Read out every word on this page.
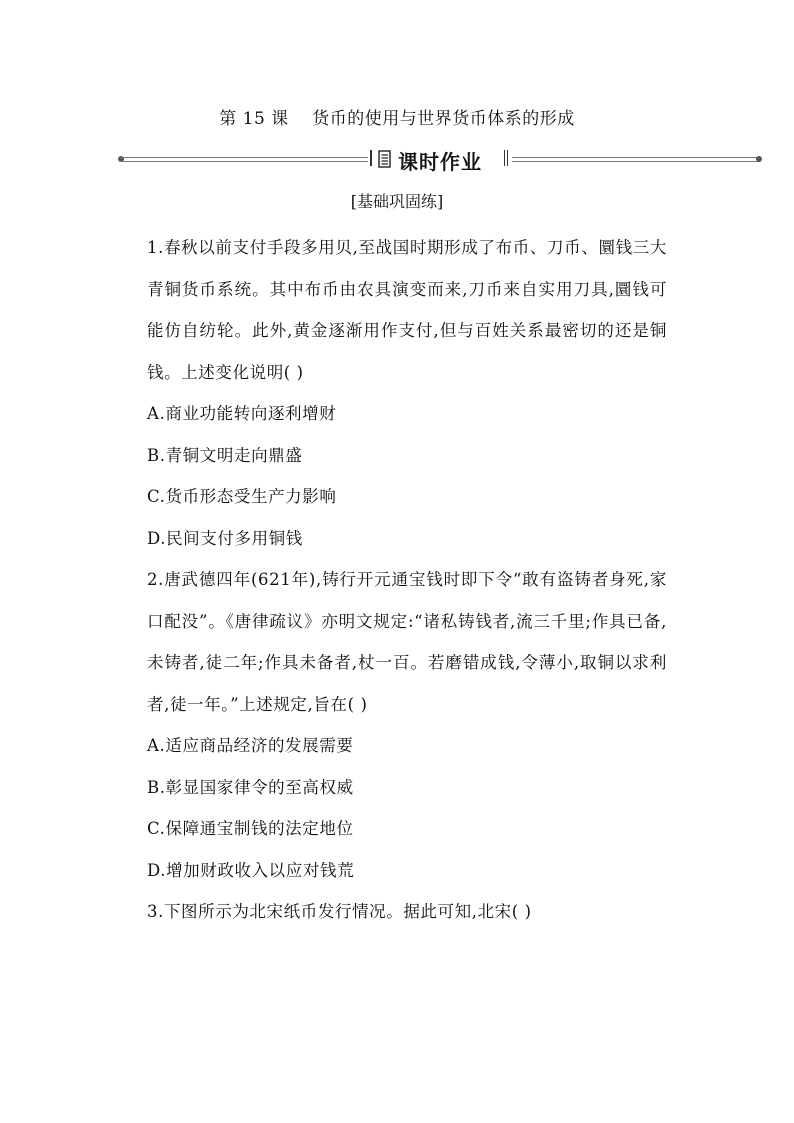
第 15 课    货币的使用与世界货币体系的形成
课时作业
[基础巩固练]

1.春秋以前支付手段多用贝,至战国时期形成了布币、刀币、圜钱三大青铜货币系统。其中布币由农具演变而来,刀币来自实用刀具,圜钱可能仿自纺轮。此外,黄金逐渐用作支付,但与百姓关系最密切的还是铜钱。上述变化说明( )

A.商业功能转向逐利增财

B.青铜文明走向鼎盛

C.货币形态受生产力影响

D.民间支付多用铜钱

2.唐武德四年(621年),铸行开元通宝钱时即下令“敢有盗铸者身死,家口配没”。《唐律疏议》亦明文规定:“诸私铸钱者,流三千里;作具已备,未铸者,徒二年;作具未备者,杖一百。若磨错成钱,令薄小,取铜以求利者,徒一年。”上述规定,旨在( )

A.适应商品经济的发展需要

B.彰显国家律令的至高权威

C.保障通宝制钱的法定地位

D.增加财政收入以应对钱荒

3.下图所示为北宋纸币发行情况。据此可知,北宋( )
